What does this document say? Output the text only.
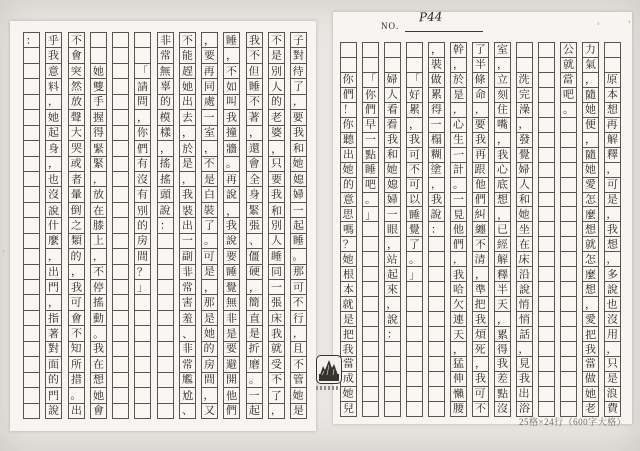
子
對
待
了
，
要
我
和
她
媳
婦
一
起
睡
。
那
可
不
行
，
且
不
管
她
是
不
是
別
人
的
老
婆
，
只
要
我
和
別
人
睡
同
一
張
床
我
就
受
不
了
，
我
不
但
睡
不
著
，
還
會
全
身
緊
張
、
僵
硬
，
簡
直
是
折
磨
。
一
起
睡
，
不
如
叫
我
撞
牆
。
再
說
，
我
說
要
睡
覺
無
非
是
要
避
開
他
們
，
要
再
同
處
一
室
，
不
是
白
裝
了
。
可
是
，
那
是
她
的
房
間
，
又
不
能
趕
她
出
去
，
於
是
，
我
裝
出
一
副
非
常
害
羞
、
非
常
尷
尬
、
非
常
無
辜
的
模
樣
，
搖
搖
頭
說
：
「
請
問
，
你
們
有
沒
有
別
的
房
間
？
」
她
雙
手
握
得
緊
緊
，
放
在
膝
上
，
不
停
搖
動
。
我
在
想
她
會
不
會
突
然
放
聲
大
哭
或
者
暈
倒
之
類
的
，
我
可
會
不
知
所
措
。
出
乎
我
意
料
，
她
起
身
，
也
沒
說
什
麼
，
出
門
，
指
著
對
面
的
門
說
：
NO.
P44
原
本
想
再
解
釋
，
可
是
，
我
想
，
多
說
也
沒
用
，
只
是
浪
費
力
氣
，
隨
她
便
，
隨
她
愛
怎
麼
想
就
怎
麼
想
，
愛
把
我
當
做
她
老
公
就
當
吧
。
洗
完
澡
，
發
覺
婦
人
和
她
坐
在
床
沿
說
悄
悄
話
，
見
我
出
浴
室
，
立
刻
住
嘴
，
我
心
底
想
，
已
經
解
釋
半
天
，
累
得
我
差
點
沒
了
半
條
命
，
要
我
再
跟
他
們
糾
纏
不
清
，
準
把
我
煩
死
，
我
可
不
幹
，
於
是
，
心
生
一
計
。
一
見
他
們
，
我
哈
欠
連
天
，
猛
伸
懶
腰
，
裝
做
累
得
一
榻
糊
塗
，
我
說
：
「
好
累
，
我
可
不
可
以
睡
覺
了
。
」
婦
人
看
看
我
和
她
媳
婦
一
眼
，
站
起
來
，
說
：
「
你
們
早
一
點
睡
吧
。
」
你
們
！
你
聽
出
她
的
意
思
嗎
？
她
根
本
就
是
把
我
當
成
她
兒
25格×24行（600字大格）
'	'
`
